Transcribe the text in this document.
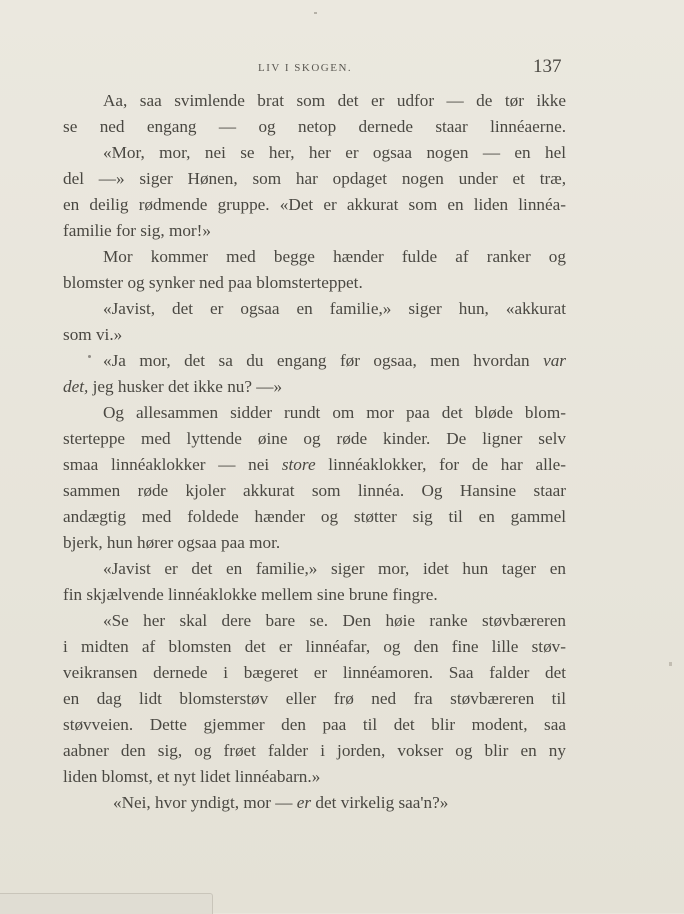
LIV I SKOGEN.	137
Aa, saa svimlende brat som det er udfor — de tør ikke
se ned engang — og netop dernede staar linnéaerne.
«Mor, mor, nei se her, her er ogsaa nogen — en hel
del —» siger Hønen, som har opdaget nogen under et træ,
en deilig rødmende gruppe. «Det er akkurat som en liden linnéa-
familie for sig, mor!»
Mor kommer med begge hænder fulde af ranker og
blomster og synker ned paa blomsterteppet.
«Javist, det er ogsaa en familie,» siger hun, «akkurat
som vi.»
«Ja mor, det sa du engang før ogsaa, men hvordan var
det, jeg husker det ikke nu? —»
Og allesammen sidder rundt om mor paa det bløde blom-
sterteppe med lyttende øine og røde kinder. De ligner selv
smaa linnéaklokker — nei store linnéaklokker, for de har alle-
sammen røde kjoler akkurat som linnéa. Og Hansine staar
andægtig med foldede hænder og støtter sig til en gammel
bjerk, hun hører ogsaa paa mor.
«Javist er det en familie,» siger mor, idet hun tager en
fin skjælvende linnéaklokke mellem sine brune fingre.
«Se her skal dere bare se. Den høie ranke støvbæreren
i midten af blomsten det er linnéafar, og den fine lille støv-
veikransen dernede i bægeret er linnéamoren. Saa falder det
en dag lidt blomsterstøv eller frø ned fra støvbæreren til
støvveien. Dette gjemmer den paa til det blir modent, saa
aabner den sig, og frøet falder i jorden, vokser og blir en ny
liden blomst, et nyt lidet linnéabarn.»
«Nei, hvor yndigt, mor — er det virkelig saa'n?»
